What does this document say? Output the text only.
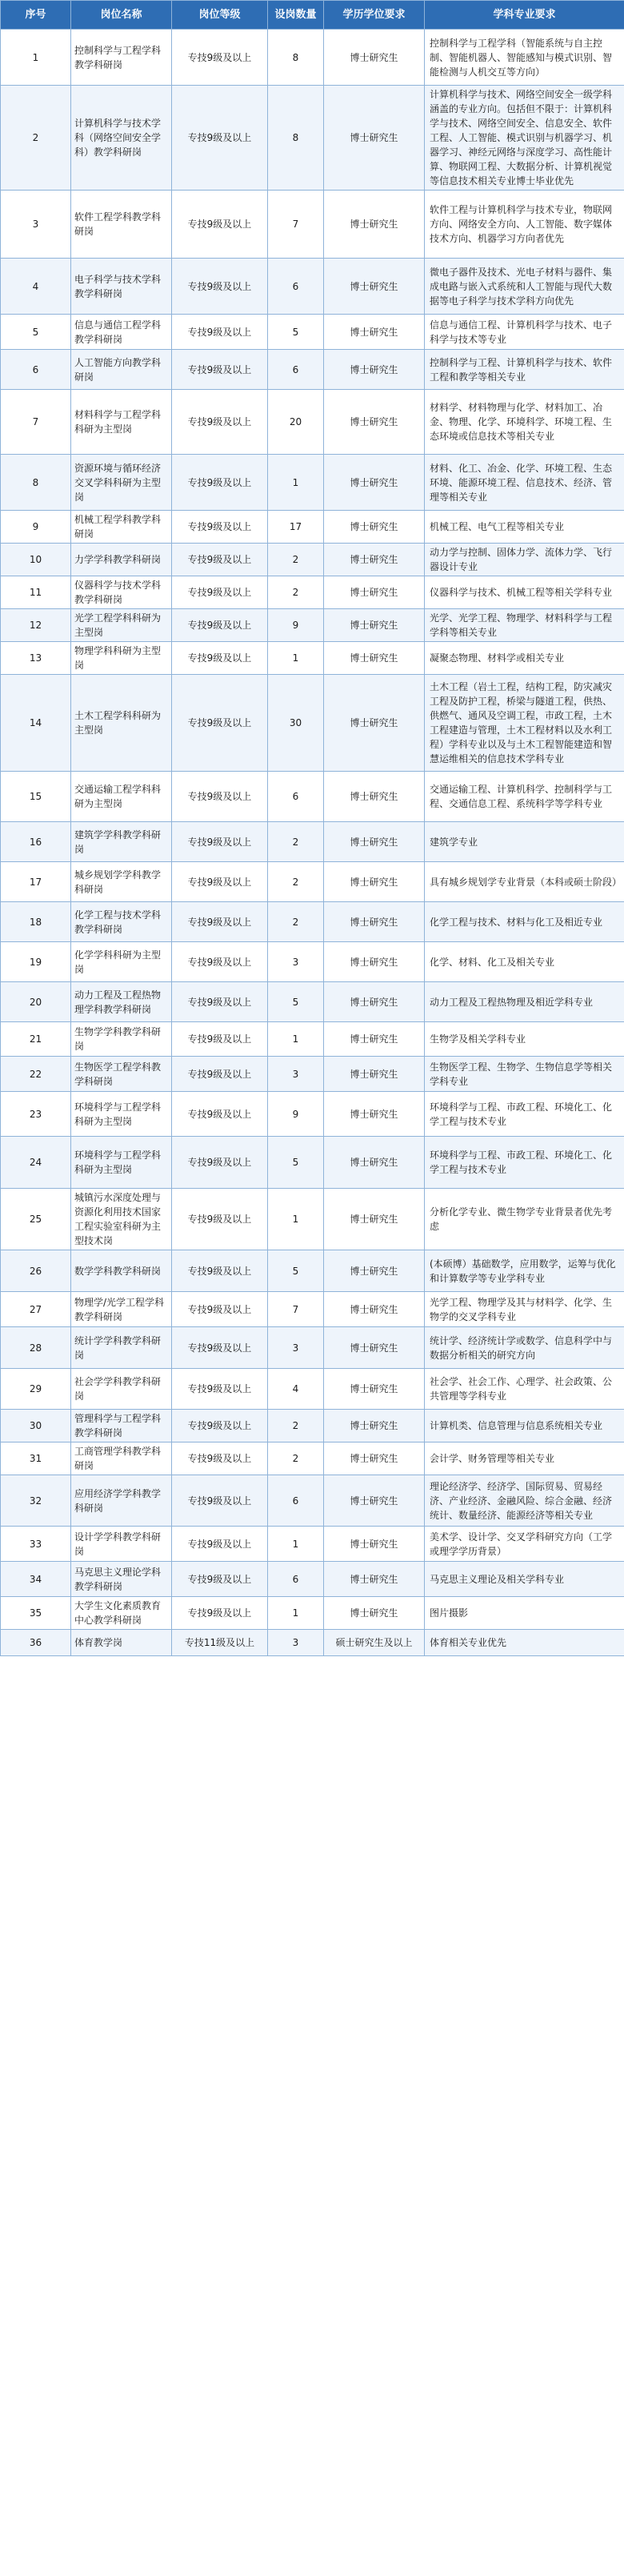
序号	岗位名称	岗位等级	设岗数量	学历学位要求	学科专业要求
1	控制科学与工程学科教学科研岗	专技9级及以上	8	博士研究生	控制科学与工程学科（智能系统与自主控制、智能机器人、智能感知与模式识别、智能检测与人机交互等方向）
2	计算机科学与技术学科（网络空间安全学科）教学科研岗	专技9级及以上	8	博士研究生	计算机科学与技术、网络空间安全一级学科涵盖的专业方向。包括但不限于：计算机科学与技术、网络空间安全、信息安全、软件工程、人工智能、模式识别与机器学习、机器学习、神经元网络与深度学习、高性能计算、物联网工程、大数据分析、计算机视觉等信息技术相关专业博士毕业优先
3	软件工程学科教学科研岗	专技9级及以上	7	博士研究生	软件工程与计算机科学与技术专业，物联网方向、网络安全方向、人工智能、数字媒体技术方向、机器学习方向者优先
4	电子科学与技术学科教学科研岗	专技9级及以上	6	博士研究生	微电子器件及技术、光电子材料与器件、集成电路与嵌入式系统和人工智能与现代大数据等电子科学与技术学科方向优先
5	信息与通信工程学科教学科研岗	专技9级及以上	5	博士研究生	信息与通信工程、计算机科学与技术、电子科学与技术等专业
6	人工智能方向教学科研岗	专技9级及以上	6	博士研究生	控制科学与工程、计算机科学与技术、软件工程和教学等相关专业
7	材料科学与工程学科科研为主型岗	专技9级及以上	20	博士研究生	材料学、材料物理与化学、材料加工、冶金、物理、化学、环境科学、环境工程、生态环境或信息技术等相关专业
8	资源环境与循环经济交叉学科科研为主型岗	专技9级及以上	1	博士研究生	材料、化工、冶金、化学、环境工程、生态环境、能源环境工程、信息技术、经济、管理等相关专业
9	机械工程学科教学科研岗	专技9级及以上	17	博士研究生	机械工程、电气工程等相关专业
10	力学学科教学科研岗	专技9级及以上	2	博士研究生	动力学与控制、固体力学、流体力学、飞行器设计专业
11	仪器科学与技术学科教学科研岗	专技9级及以上	2	博士研究生	仪器科学与技术、机械工程等相关学科专业
12	光学工程学科科研为主型岗	专技9级及以上	9	博士研究生	光学、光学工程、物理学、材料科学与工程学科等相关专业
13	物理学科科研为主型岗	专技9级及以上	1	博士研究生	凝聚态物理、材料学或相关专业
14	土木工程学科科研为主型岗	专技9级及以上	30	博士研究生	土木工程（岩土工程，结构工程，防灾减灾工程及防护工程，桥梁与隧道工程，供热、供燃气、通风及空调工程，市政工程，土木工程建造与管理，土木工程材料以及水利工程）学科专业以及与土木工程智能建造和智慧运维相关的信息技术学科专业
15	交通运输工程学科科研为主型岗	专技9级及以上	6	博士研究生	交通运输工程、计算机科学、控制科学与工程、交通信息工程、系统科学等学科专业
16	建筑学学科教学科研岗	专技9级及以上	2	博士研究生	建筑学专业
17	城乡规划学学科教学科研岗	专技9级及以上	2	博士研究生	具有城乡规划学专业背景（本科或硕士阶段）
18	化学工程与技术学科教学科研岗	专技9级及以上	2	博士研究生	化学工程与技术、材料与化工及相近专业
19	化学学科科研为主型岗	专技9级及以上	3	博士研究生	化学、材料、化工及相关专业
20	动力工程及工程热物理学科教学科研岗	专技9级及以上	5	博士研究生	动力工程及工程热物理及相近学科专业
21	生物学学科教学科研岗	专技9级及以上	1	博士研究生	生物学及相关学科专业
22	生物医学工程学科教学科研岗	专技9级及以上	3	博士研究生	生物医学工程、生物学、生物信息学等相关学科专业
23	环境科学与工程学科科研为主型岗	专技9级及以上	9	博士研究生	环境科学与工程、市政工程、环境化工、化学工程与技术专业
24	环境科学与工程学科科研为主型岗	专技9级及以上	5	博士研究生	环境科学与工程、市政工程、环境化工、化学工程与技术专业
25	城镇污水深度处理与资源化利用技术国家工程实验室科研为主型技术岗	专技9级及以上	1	博士研究生	分析化学专业、微生物学专业背景者优先考虑
26	数学学科教学科研岗	专技9级及以上	5	博士研究生	(本硕博）基础数学，应用数学，运筹与优化和计算数学等专业学科专业
27	物理学/光学工程学科教学科研岗	专技9级及以上	7	博士研究生	光学工程、物理学及其与材料学、化学、生物学的交叉学科专业
28	统计学学科教学科研岗	专技9级及以上	3	博士研究生	统计学、经济统计学或数学、信息科学中与数据分析相关的研究方向
29	社会学学科教学科研岗	专技9级及以上	4	博士研究生	社会学、社会工作、心理学、社会政策、公共管理等学科专业
30	管理科学与工程学科教学科研岗	专技9级及以上	2	博士研究生	计算机类、信息管理与信息系统相关专业
31	工商管理学科教学科研岗	专技9级及以上	2	博士研究生	会计学、财务管理等相关专业
32	应用经济学学科教学科研岗	专技9级及以上	6	博士研究生	理论经济学、经济学、国际贸易、贸易经济、产业经济、金融风险、综合金融、经济统计、数量经济、能源经济等相关专业
33	设计学学科教学科研岗	专技9级及以上	1	博士研究生	美术学、设计学、交叉学科研究方向（工学或理学学历背景）
34	马克思主义理论学科教学科研岗	专技9级及以上	6	博士研究生	马克思主义理论及相关学科专业
35	大学生文化素质教育中心教学科研岗	专技9级及以上	1	博士研究生	图片摄影
36	体育教学岗	专技11级及以上	3	硕士研究生及以上	体育相关专业优先
